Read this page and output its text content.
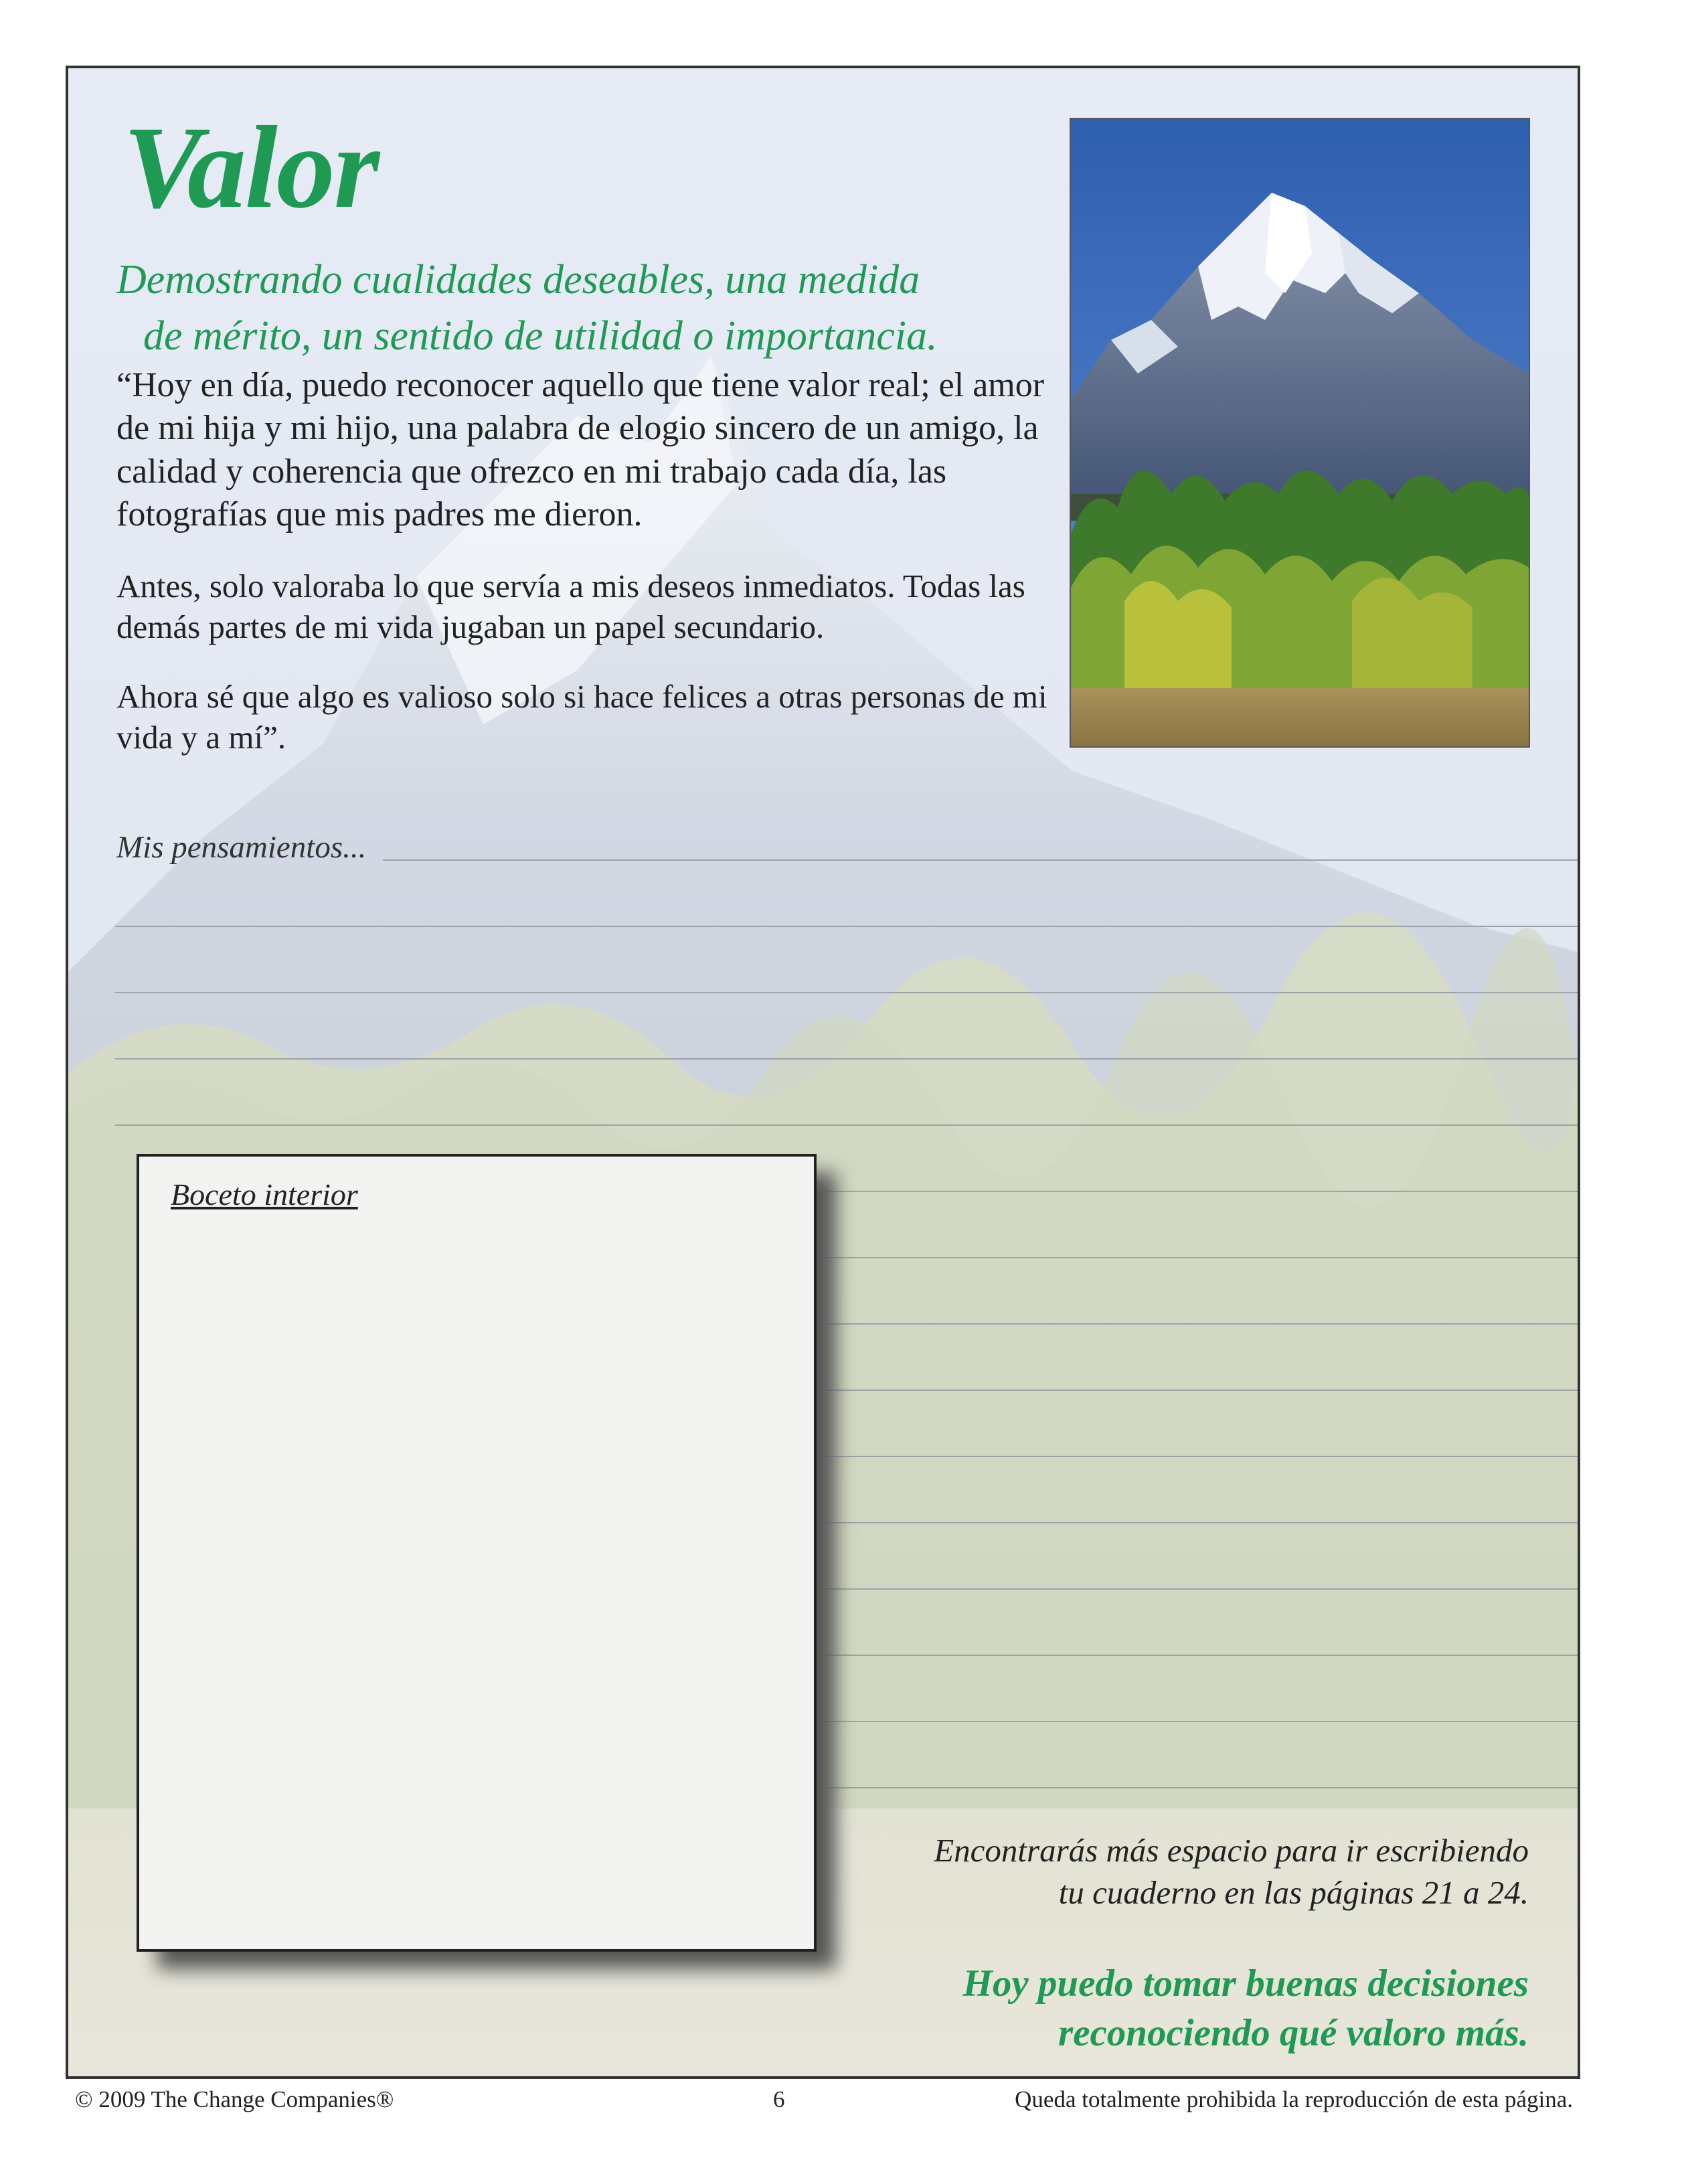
Valor
Demostrando cualidades deseables, una medida
de mérito, un sentido de utilidad o importancia.

“Hoy en día, puedo reconocer aquello que tiene valor real; el amor de mi hija y mi hijo, una palabra de elogio sincero de un amigo, la calidad y coherencia que ofrezco en mi trabajo cada día, las fotografías que mis padres me dieron.

Antes, solo valoraba lo que servía a mis deseos inmediatos. Todas las demás partes de mi vida jugaban un papel secundario.

Ahora sé que algo es valioso solo si hace felices a otras personas de mi vida y a mí”.

Mis pensamientos...
Boceto interior
Encontrarás más espacio para ir escribiendo
tu cuaderno en las páginas 21 a 24.
Hoy puedo tomar buenas decisiones
reconociendo qué valoro más.
© 2009 The Change Companies®	6	Queda totalmente prohibida la reproducción de esta página.
